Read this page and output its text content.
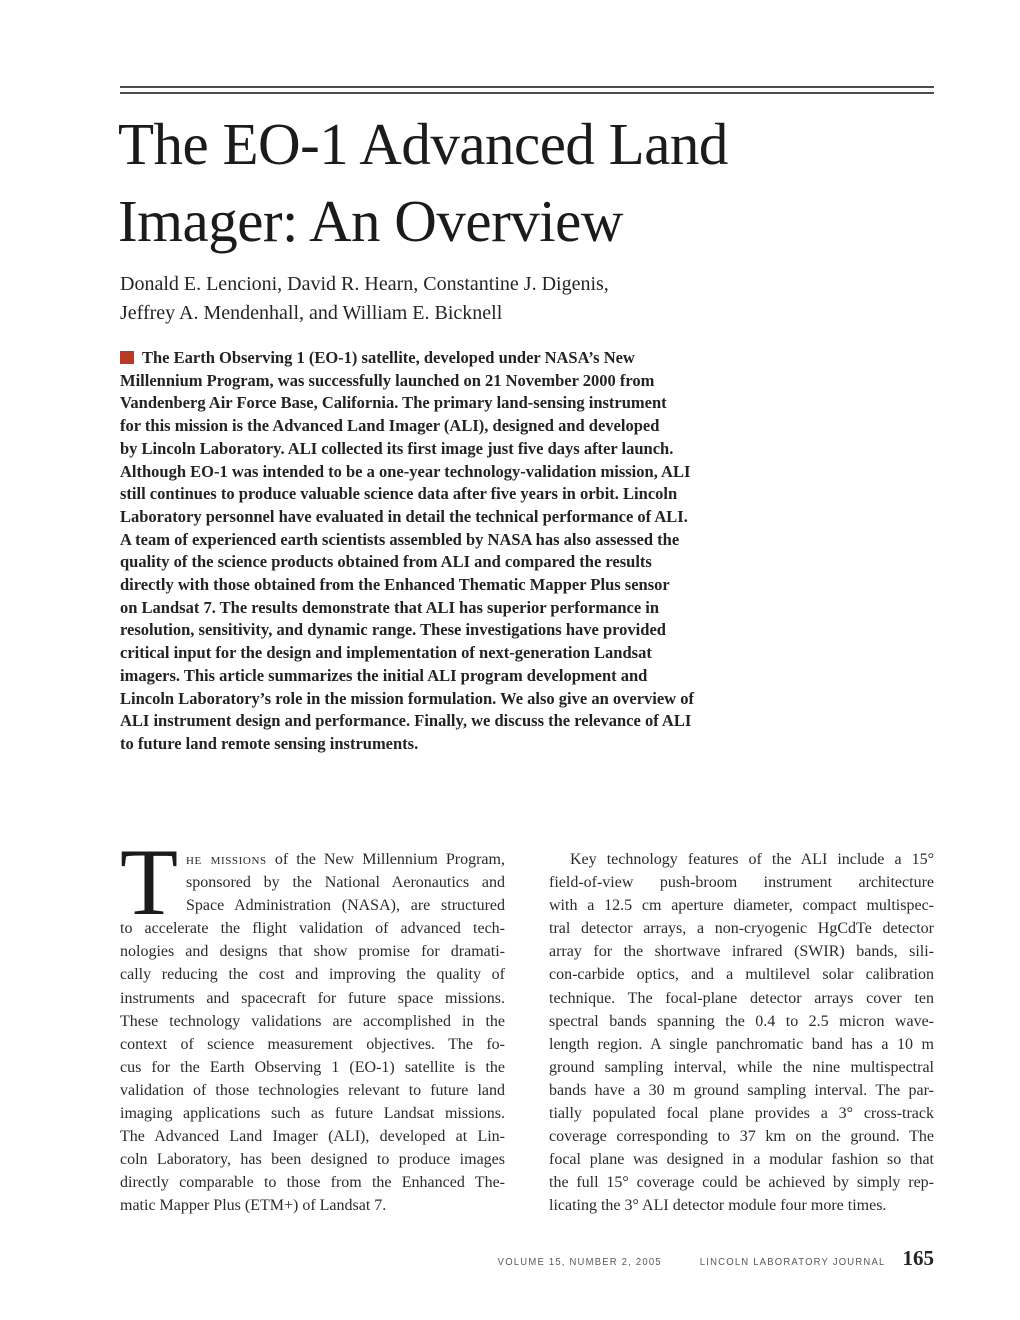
The EO-1 Advanced Land
Imager: An Overview
Donald E. Lencioni, David R. Hearn, Constantine J. Digenis,
Jeffrey A. Mendenhall, and William E. Bicknell
The Earth Observing 1 (EO-1) satellite, developed under NASA’s New
Millennium Program, was successfully launched on 21 November 2000 from
Vandenberg Air Force Base, California. The primary land-sensing instrument
for this mission is the Advanced Land Imager (ALI), designed and developed
by Lincoln Laboratory. ALI collected its first image just five days after launch.
Although EO-1 was intended to be a one-year technology-validation mission, ALI
still continues to produce valuable science data after five years in orbit. Lincoln
Laboratory personnel have evaluated in detail the technical performance of ALI.
A team of experienced earth scientists assembled by NASA has also assessed the
quality of the science products obtained from ALI and compared the results
directly with those obtained from the Enhanced Thematic Mapper Plus sensor
on Landsat 7. The results demonstrate that ALI has superior performance in
resolution, sensitivity, and dynamic range. These investigations have provided
critical input for the design and implementation of next-generation Landsat
imagers. This article summarizes the initial ALI program development and
Lincoln Laboratory’s role in the mission formulation. We also give an overview of
ALI instrument design and performance. Finally, we discuss the relevance of ALI
to future land remote sensing instruments.
T he missions of the New Millennium Program,
sponsored by the National Aeronautics and
Space Administration (NASA), are structured
to accelerate the flight validation of advanced tech-
nologies and designs that show promise for dramati-
cally reducing the cost and improving the quality of
instruments and spacecraft for future space missions.
These technology validations are accomplished in the
context of science measurement objectives. The fo-
cus for the Earth Observing 1 (EO-1) satellite is the
validation of those technologies relevant to future land
imaging applications such as future Landsat missions.
The Advanced Land Imager (ALI), developed at Lin-
coln Laboratory, has been designed to produce images
directly comparable to those from the Enhanced The-
matic Mapper Plus (ETM+) of Landsat 7.
Key technology features of the ALI include a 15°
field-of-view push-broom instrument architecture
with a 12.5 cm aperture diameter, compact multispec-
tral detector arrays, a non-cryogenic HgCdTe detector
array for the shortwave infrared (SWIR) bands, sili-
con-carbide optics, and a multilevel solar calibration
technique. The focal-plane detector arrays cover ten
spectral bands spanning the 0.4 to 2.5 micron wave-
length region. A single panchromatic band has a 10 m
ground sampling interval, while the nine multispectral
bands have a 30 m ground sampling interval. The par-
tially populated focal plane provides a 3° cross-track
coverage corresponding to 37 km on the ground. The
focal plane was designed in a modular fashion so that
the full 15° coverage could be achieved by simply rep-
licating the 3° ALI detector module four more times.
VOLUME 15, NUMBER 2, 2005	LINCOLN LABORATORY JOURNAL 165
